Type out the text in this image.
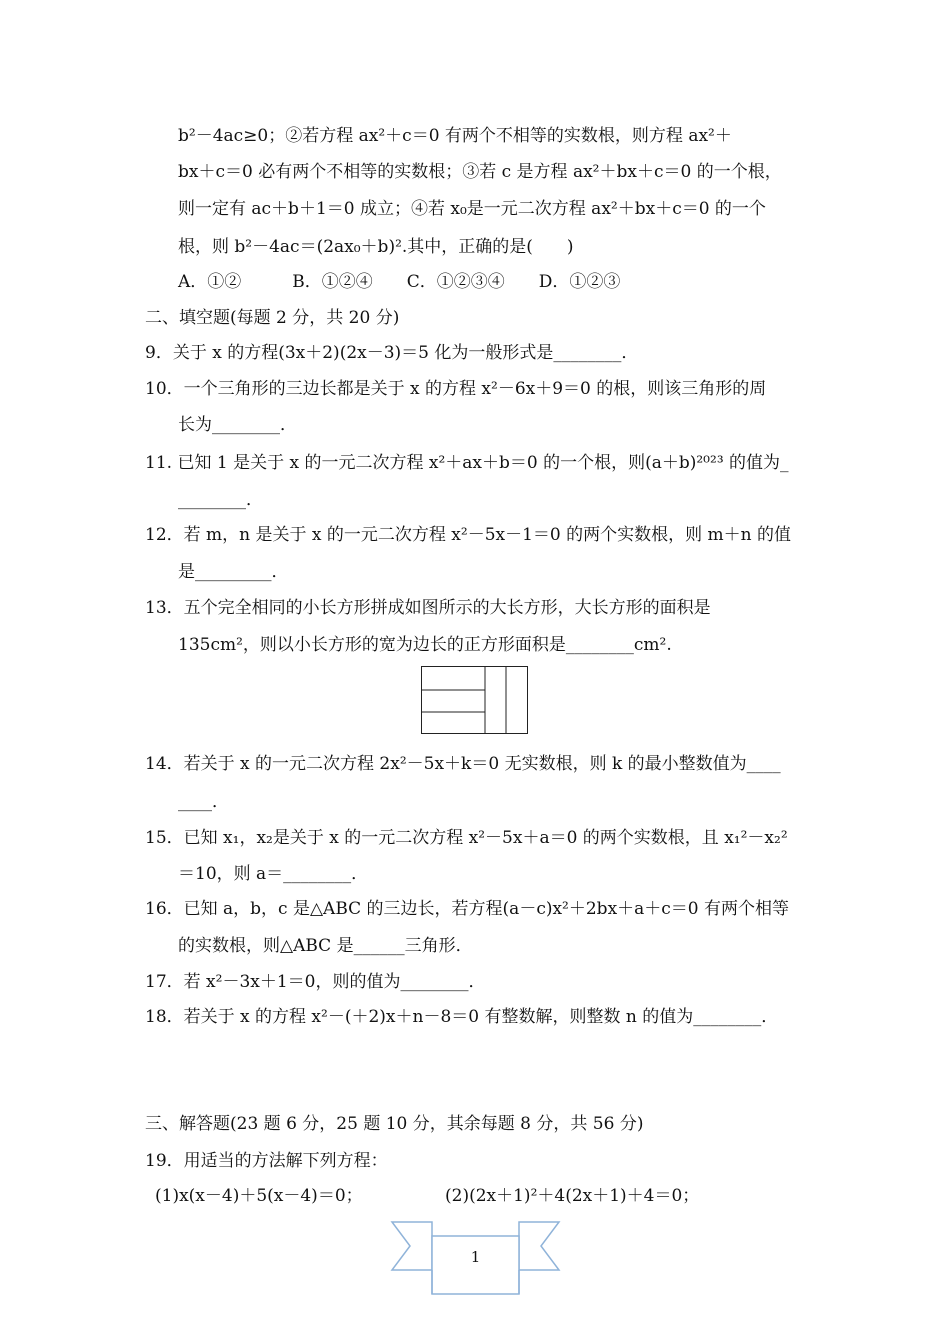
b²－4ac≥0；②若方程 ax²＋c＝0 有两个不相等的实数根，则方程 ax²＋
bx＋c＝0 必有两个不相等的实数根；③若 c 是方程 ax²＋bx＋c＝0 的一个根，
则一定有 ac＋b＋1＝0 成立；④若 x₀是一元二次方程 ax²＋bx＋c＝0 的一个
根，则 b²－4ac＝(2ax₀＋b)².其中，正确的是(　　)
A．①②　　　B．①②④　　C．①②③④　　D．①②③
二、填空题(每题 2 分，共 20 分)
9．关于 x 的方程(3x＋2)(2x－3)＝5 化为一般形式是________．
10．一个三角形的三边长都是关于 x 的方程 x²－6x＋9＝0 的根，则该三角形的周
长为________．
11. 已知 1 是关于 x 的一元二次方程 x²＋ax＋b＝0 的一个根，则(a＋b)²⁰²³ 的值为_
________．
12．若 m，n 是关于 x 的一元二次方程 x²－5x－1＝0 的两个实数根，则 m＋n 的值
是_________．
13．五个完全相同的小长方形拼成如图所示的大长方形，大长方形的面积是
135cm²，则以小长方形的宽为边长的正方形面积是________cm².
14．若关于 x 的一元二次方程 2x²－5x＋k＝0 无实数根，则 k 的最小整数值为____
____．
15．已知 x₁，x₂是关于 x 的一元二次方程 x²－5x＋a＝0 的两个实数根，且 x₁²－x₂²
＝10，则 a＝________．
16．已知 a，b，c 是△ABC 的三边长，若方程(a－c)x²＋2bx＋a＋c＝0 有两个相等
的实数根，则△ABC 是______三角形．
17．若 x²－3x＋1＝0，则的值为________．
18．若关于 x 的方程 x²－(＋2)x＋n－8＝0 有整数解，则整数 n 的值为________．
三、解答题(23 题 6 分，25 题 10 分，其余每题 8 分，共 56 分)
19．用适当的方法解下列方程：
(1)x(x－4)＋5(x－4)＝0；	(2)(2x＋1)²＋4(2x＋1)＋4＝0；
1
